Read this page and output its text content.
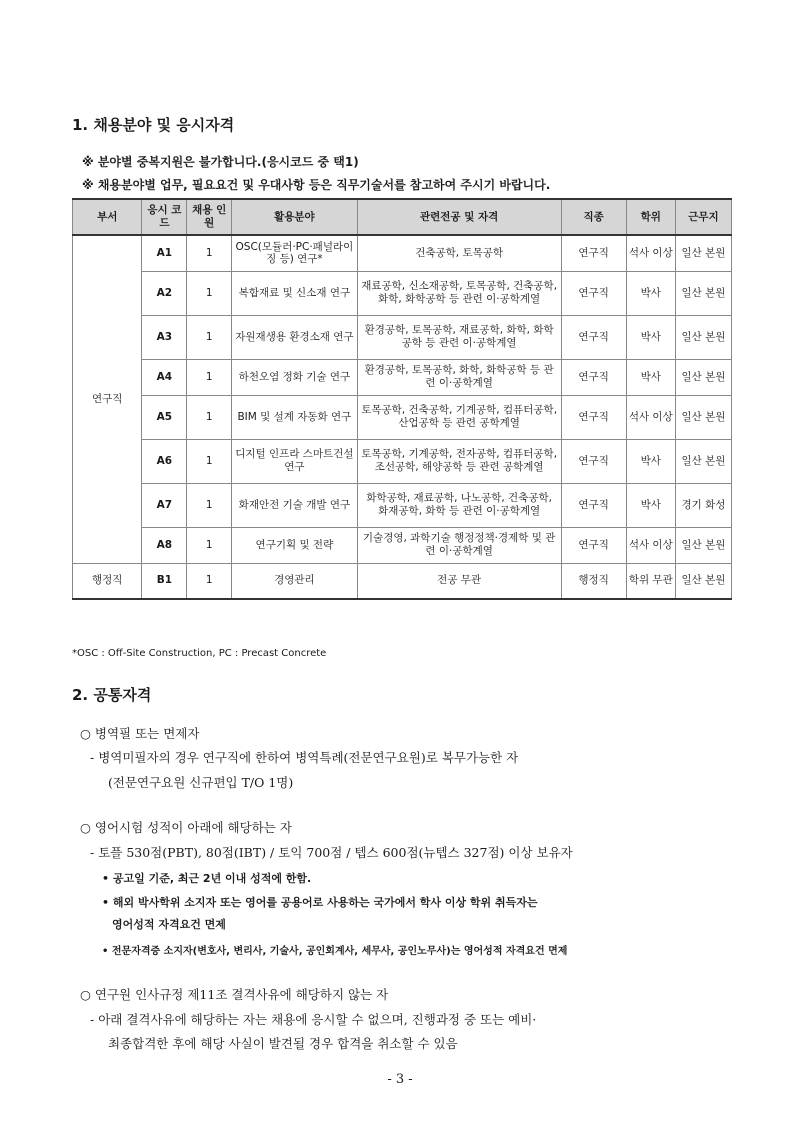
1. 채용분야 및 응시자격
※ 분야별 중복지원은 불가합니다.(응시코드 중 택1)
※ 채용분야별 업무, 필요요건 및 우대사항 등은 직무기술서를 참고하여 주시기 바랍니다.
부서	응시 코드	채용 인원	활용분야	관련전공 및 자격	직종	학위	근무지
연구직	A1	1	OSC(모듈러·PC·패널라이징 등) 연구*	건축공학, 토목공학	연구직	석사 이상	일산 본원
	A2	1	복합재료 및 신소재 연구	재료공학, 신소재공학, 토목공학, 건축공학, 화학, 화학공학 등 관련 이·공학계열	연구직	박사	일산 본원
	A3	1	자원재생용 환경소재 연구	환경공학, 토목공학, 재료공학, 화학, 화학공학 등 관련 이·공학계열	연구직	박사	일산 본원
	A4	1	하천오염 정화 기술 연구	환경공학, 토목공학, 화학, 화학공학 등 관련 이·공학계열	연구직	박사	일산 본원
	A5	1	BIM 및 설계 자동화 연구	토목공학, 건축공학, 기계공학, 컴퓨터공학, 산업공학 등 관련 공학계열	연구직	석사 이상	일산 본원
	A6	1	디지털 인프라 스마트건설 연구	토목공학, 기계공학, 전자공학, 컴퓨터공학, 조선공학, 해양공학 등 관련 공학계열	연구직	박사	일산 본원
	A7	1	화재안전 기술 개발 연구	화학공학, 재료공학, 나노공학, 건축공학, 화재공학, 화학 등 관련 이·공학계열	연구직	박사	경기 화성
	A8	1	연구기획 및 전략	기술경영, 과학기술 행정정책·경제학 및 관련 이·공학계열	연구직	석사 이상	일산 본원
행정직	B1	1	경영관리	전공 무관	행정직	학위 무관	일산 본원
*OSC : Off-Site Construction, PC : Precast Concrete
2. 공통자격
○ 병역필 또는 면제자
- 병역미필자의 경우 연구직에 한하여 병역특례(전문연구요원)로 복무가능한 자
(전문연구요원 신규편입 T/O 1명)
○ 영어시험 성적이 아래에 해당하는 자
- 토플 530점(PBT), 80점(IBT) / 토익 700점 / 텝스 600점(뉴텝스 327점) 이상 보유자
• 공고일 기준, 최근 2년 이내 성적에 한함.
• 해외 박사학위 소지자 또는 영어를 공용어로 사용하는 국가에서 학사 이상 학위 취득자는
영어성적 자격요건 면제
• 전문자격증 소지자(변호사, 변리사, 기술사, 공인회계사, 세무사, 공인노무사)는 영어성적 자격요건 면제
○ 연구원 인사규정 제11조 결격사유에 해당하지 않는 자
- 아래 결격사유에 해당하는 자는 채용에 응시할 수 없으며, 진행과정 중 또는 예비·
최종합격한 후에 해당 사실이 발견될 경우 합격을 취소할 수 있음
- 3 -
